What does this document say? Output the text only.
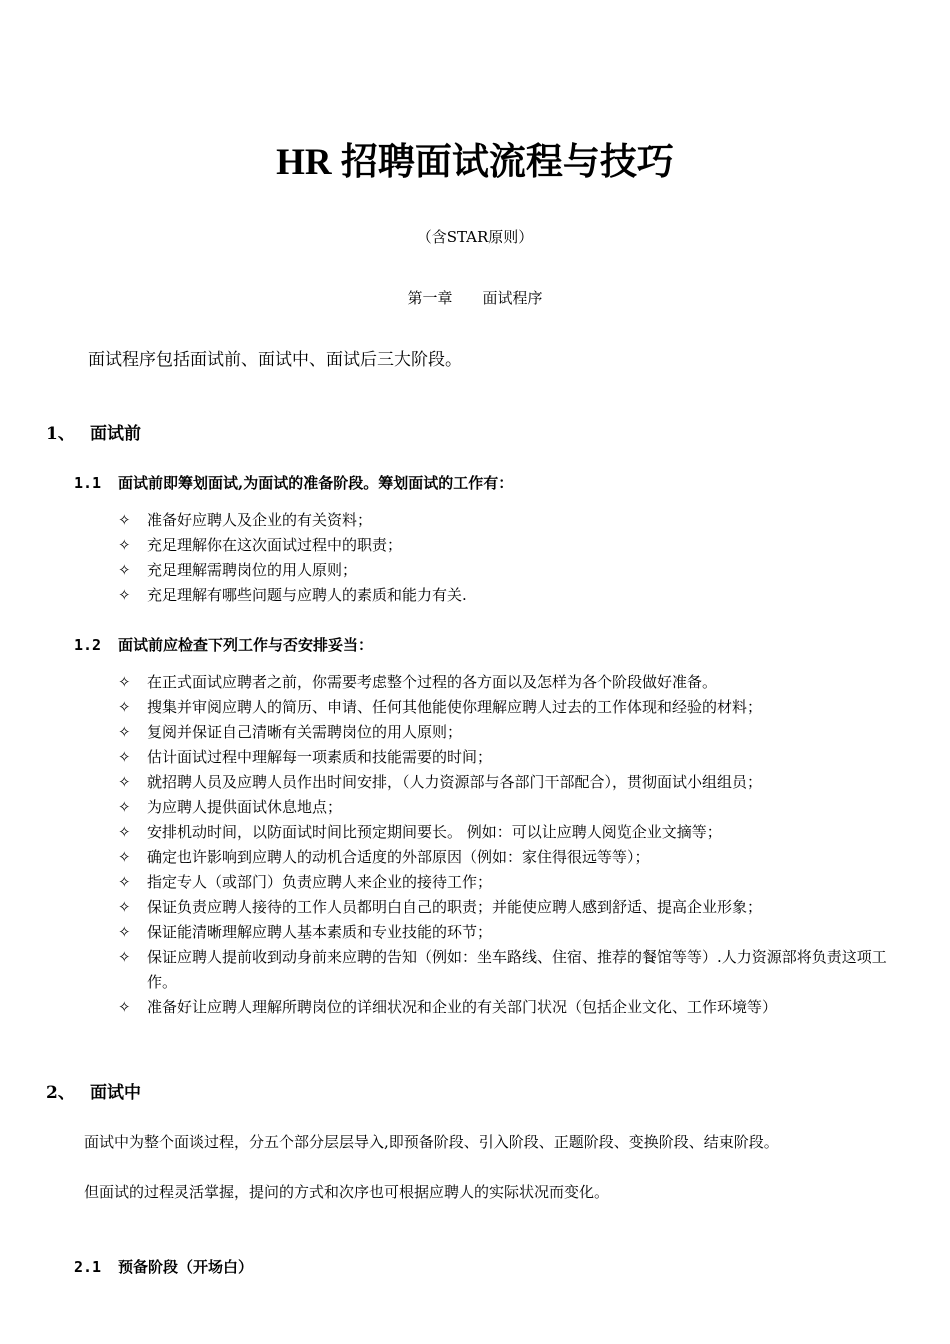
HR 招聘面试流程与技巧
（含STAR原则）
第一章　　面试程序
面试程序包括面试前、面试中、面试后三大阶段。
1、 面试前
1.1 面试前即筹划面试,为面试的准备阶段。筹划面试的工作有：
✧ 准备好应聘人及企业的有关资料；
✧ 充足理解你在这次面试过程中的职责；
✧ 充足理解需聘岗位的用人原则；
✧ 充足理解有哪些问题与应聘人的素质和能力有关.
1.2 面试前应检查下列工作与否安排妥当：
✧ 在正式面试应聘者之前，你需要考虑整个过程的各方面以及怎样为各个阶段做好准备。
✧ 搜集并审阅应聘人的简历、申请、任何其他能使你理解应聘人过去的工作体现和经验的材料；
✧ 复阅并保证自己清晰有关需聘岗位的用人原则；
✧ 估计面试过程中理解每一项素质和技能需要的时间；
✧ 就招聘人员及应聘人员作出时间安排，（人力资源部与各部门干部配合），贯彻面试小组组员；
✧ 为应聘人提供面试休息地点；
✧ 安排机动时间，以防面试时间比预定期间要长。 例如：可以让应聘人阅览企业文摘等；
✧ 确定也许影响到应聘人的动机合适度的外部原因（例如：家住得很远等等）；
✧ 指定专人（或部门）负责应聘人来企业的接待工作；
✧ 保证负责应聘人接待的工作人员都明白自己的职责；并能使应聘人感到舒适、提高企业形象；
✧ 保证能清晰理解应聘人基本素质和专业技能的环节；
✧ 保证应聘人提前收到动身前来应聘的告知（例如：坐车路线、住宿、推荐的餐馆等等）.人力资源部将负责这项工作。
✧ 准备好让应聘人理解所聘岗位的详细状况和企业的有关部门状况（包括企业文化、工作环境等）
2、 面试中

面试中为整个面谈过程，分五个部分层层导入,即预备阶段、引入阶段、正题阶段、变换阶段、结束阶段。

但面试的过程灵活掌握，提问的方式和次序也可根据应聘人的实际状况而变化。

2.1 预备阶段（开场白）
